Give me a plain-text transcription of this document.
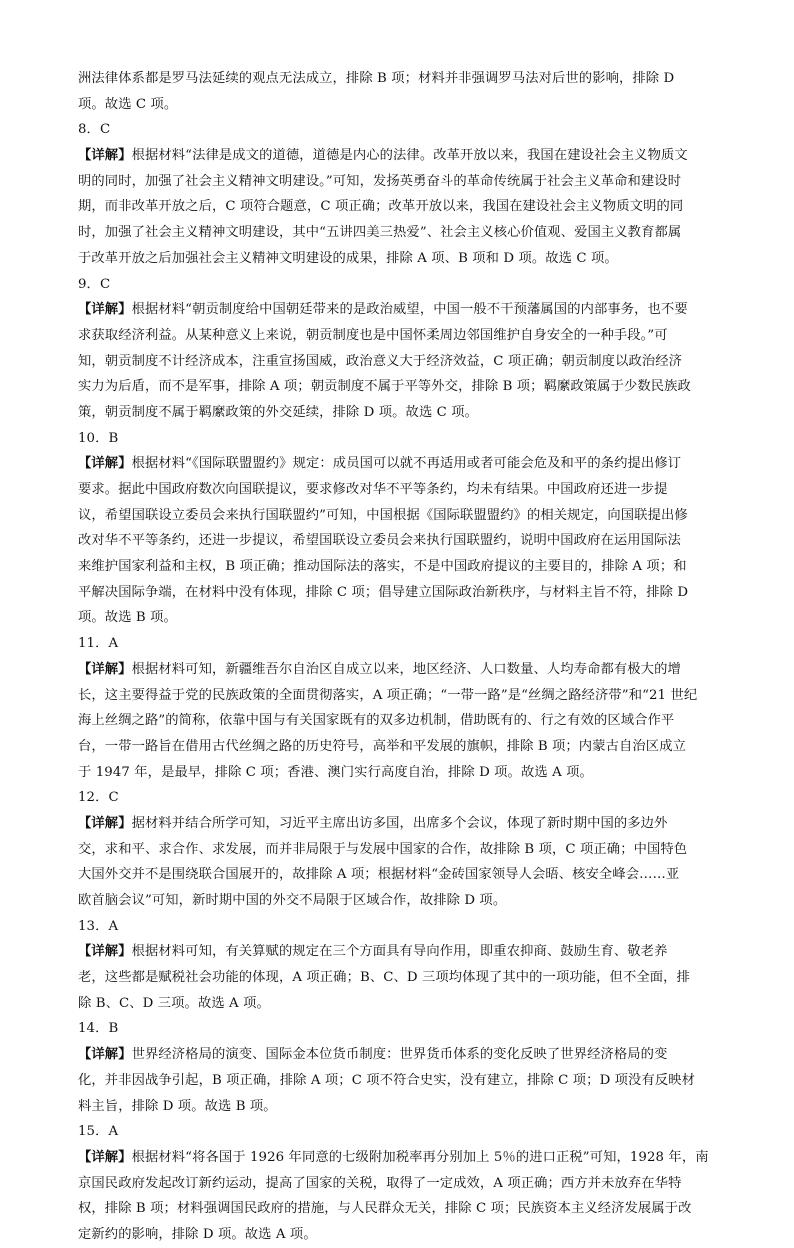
洲法律体系都是罗马法延续的观点无法成立，排除 B 项；材料并非强调罗马法对后世的影响，排除 D
项。故选 C 项。
8．C
【详解】根据材料“法律是成文的道德，道德是内心的法律。改革开放以来，我国在建设社会主义物质文
明的同时，加强了社会主义精神文明建设。”可知，发扬英勇奋斗的革命传统属于社会主义革命和建设时
期，而非改革开放之后，C 项符合题意，C 项正确；改革开放以来，我国在建设社会主义物质文明的同
时，加强了社会主义精神文明建设，其中“五讲四美三热爱”、社会主义核心价值观、爱国主义教育都属
于改革开放之后加强社会主义精神文明建设的成果，排除 A 项、B 项和 D 项。故选 C 项。
9．C
【详解】根据材料“朝贡制度给中国朝廷带来的是政治威望，中国一般不干预藩属国的内部事务，也不要
求获取经济利益。从某种意义上来说，朝贡制度也是中国怀柔周边邻国维护自身安全的一种手段。”可
知，朝贡制度不计经济成本，注重宣扬国威，政治意义大于经济效益，C 项正确；朝贡制度以政治经济
实力为后盾，而不是军事，排除 A 项；朝贡制度不属于平等外交，排除 B 项；羁縻政策属于少数民族政
策，朝贡制度不属于羁縻政策的外交延续，排除 D 项。故选 C 项。
10．B
【详解】根据材料“《国际联盟盟约》规定：成员国可以就不再适用或者可能会危及和平的条约提出修订
要求。据此中国政府数次向国联提议，要求修改对华不平等条约，均未有结果。中国政府还进一步提
议，希望国联设立委员会来执行国联盟约”可知，中国根据《国际联盟盟约》的相关规定，向国联提出修
改对华不平等条约，还进一步提议，希望国联设立委员会来执行国联盟约，说明中国政府在运用国际法
来维护国家利益和主权，B 项正确；推动国际法的落实，不是中国政府提议的主要目的，排除 A 项；和
平解决国际争端，在材料中没有体现，排除 C 项；倡导建立国际政治新秩序，与材料主旨不符，排除 D
项。故选 B 项。
11．A
【详解】根据材料可知，新疆维吾尔自治区自成立以来，地区经济、人口数量、人均寿命都有极大的增
长，这主要得益于党的民族政策的全面贯彻落实，A 项正确；“一带一路”是“丝绸之路经济带”和“21 世纪
海上丝绸之路”的简称，依靠中国与有关国家既有的双多边机制，借助既有的、行之有效的区域合作平
台，一带一路旨在借用古代丝绸之路的历史符号，高举和平发展的旗帜，排除 B 项；内蒙古自治区成立
于 1947 年，是最早，排除 C 项；香港、澳门实行高度自治，排除 D 项。故选 A 项。
12．C
【详解】据材料并结合所学可知，习近平主席出访多国，出席多个会议，体现了新时期中国的多边外
交，求和平、求合作、求发展，而并非局限于与发展中国家的合作，故排除 B 项，C 项正确；中国特色
大国外交并不是围绕联合国展开的，故排除 A 项；根据材料“金砖国家领导人会晤、核安全峰会……亚
欧首脑会议”可知，新时期中国的外交不局限于区域合作，故排除 D 项。
13．A
【详解】根据材料可知，有关算赋的规定在三个方面具有导向作用，即重农抑商、鼓励生育、敬老养
老，这些都是赋税社会功能的体现，A 项正确；B、C、D 三项均体现了其中的一项功能，但不全面，排
除 B、C、D 三项。故选 A 项。
14．B
【详解】世界经济格局的演变、国际金本位货币制度：世界货币体系的变化反映了世界经济格局的变
化，并非因战争引起，B 项正确，排除 A 项；C 项不符合史实，没有建立，排除 C 项；D 项没有反映材
料主旨，排除 D 项。故选 B 项。
15．A
【详解】根据材料“将各国于 1926 年同意的七级附加税率再分别加上 5％的进口正税”可知，1928 年，南
京国民政府发起改订新约运动，提高了国家的关税，取得了一定成效，A 项正确；西方并未放弃在华特
权，排除 B 项；材料强调国民政府的措施，与人民群众无关，排除 C 项；民族资本主义经济发展属于改
定新约的影响，排除 D 项。故选 A 项。
